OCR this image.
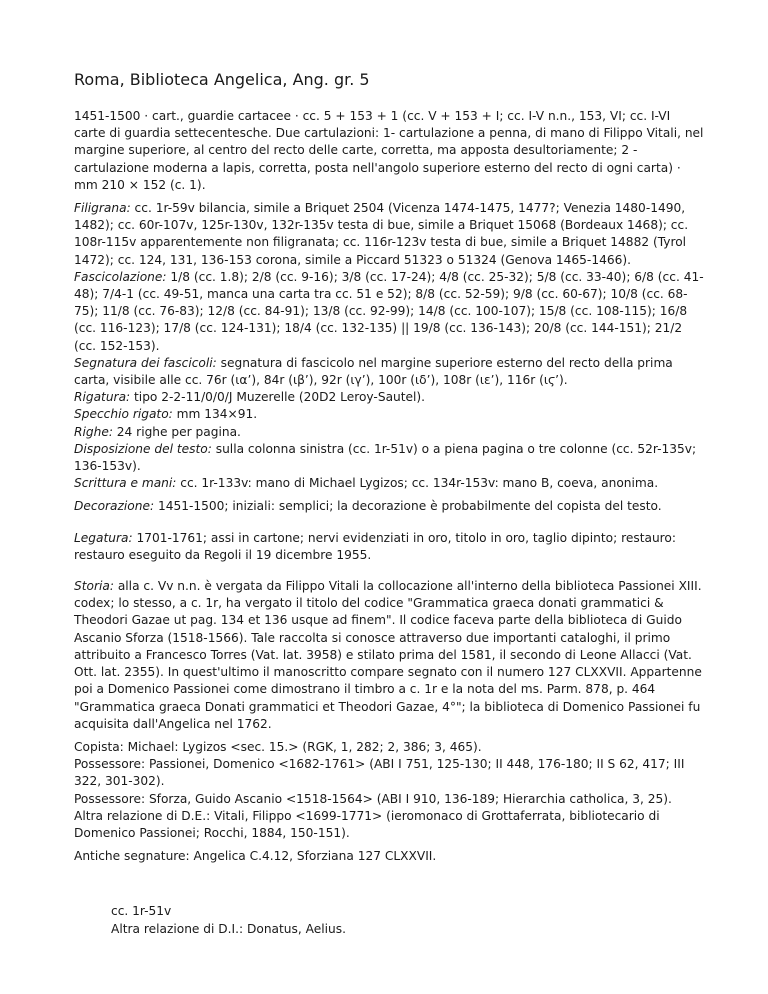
Roma, Biblioteca Angelica, Ang. gr. 5

1451-1500 · cart., guardie cartacee · cc. 5 + 153 + 1 (cc. V + 153 + I; cc. I-V n.n., 153, VI; cc. I-VI carte di guardia settecentesche. Due cartulazioni: 1- cartulazione a penna, di mano di Filippo Vitali, nel margine superiore, al centro del recto delle carte, corretta, ma apposta desultoriamente; 2 - cartulazione moderna a lapis, corretta, posta nell'angolo superiore esterno del recto di ogni carta) · mm 210 × 152 (c. 1).

Filigrana: cc. 1r-59v bilancia, simile a Briquet 2504 (Vicenza 1474-1475, 1477?; Venezia 1480-1490, 1482); cc. 60r-107v, 125r-130v, 132r-135v testa di bue, simile a Briquet 15068 (Bordeaux 1468); cc. 108r-115v apparentemente non filigranata; cc. 116r-123v testa di bue, simile a Briquet 14882 (Tyrol 1472); cc. 124, 131, 136-153 corona, simile a Piccard 51323 o 51324 (Genova 1465-1466).

Fascicolazione: 1/8 (cc. 1.8); 2/8 (cc. 9-16); 3/8 (cc. 17-24); 4/8 (cc. 25-32); 5/8 (cc. 33-40); 6/8 (cc. 41-48); 7/4-1 (cc. 49-51, manca una carta tra cc. 51 e 52); 8/8 (cc. 52-59); 9/8 (cc. 60-67); 10/8 (cc. 68-75); 11/8 (cc. 76-83); 12/8 (cc. 84-91); 13/8 (cc. 92-99); 14/8 (cc. 100-107); 15/8 (cc. 108-115); 16/8 (cc. 116-123); 17/8 (cc. 124-131); 18/4 (cc. 132-135) || 19/8 (cc. 136-143); 20/8 (cc. 144-151); 21/2 (cc. 152-153).

Segnatura dei fascicoli: segnatura di fascicolo nel margine superiore esterno del recto della prima carta, visibile alle cc. 76r (ια’), 84r (ιβ’), 92r (ιγ’), 100r (ιδ’), 108r (ιε’), 116r (ιϛ’).

Rigatura: tipo 2-2-11/0/0/J Muzerelle (20D2 Leroy-Sautel).

Specchio rigato: mm 134×91.

Righe: 24 righe per pagina.

Disposizione del testo: sulla colonna sinistra (cc. 1r-51v) o a piena pagina o tre colonne (cc. 52r-135v; 136-153v).

Scrittura e mani: cc. 1r-133v: mano di Michael Lygizos; cc. 134r-153v: mano B, coeva, anonima.

Decorazione: 1451-1500; iniziali: semplici; la decorazione è probabilmente del copista del testo.

Legatura: 1701-1761; assi in cartone; nervi evidenziati in oro, titolo in oro, taglio dipinto; restauro: restauro eseguito da Regoli il 19 dicembre 1955.

Storia: alla c. Vv n.n. è vergata da Filippo Vitali la collocazione all'interno della biblioteca Passionei XIII. codex; lo stesso, a c. 1r, ha vergato il titolo del codice "Grammatica graeca donati grammatici & Theodori Gazae ut pag. 134 et 136 usque ad finem". Il codice faceva parte della biblioteca di Guido Ascanio Sforza (1518-1566). Tale raccolta si conosce attraverso due importanti cataloghi, il primo attribuito a Francesco Torres (Vat. lat. 3958) e stilato prima del 1581, il secondo di Leone Allacci (Vat. Ott. lat. 2355). In quest'ultimo il manoscritto compare segnato con il numero 127 CLXXVII. Appartenne poi a Domenico Passionei come dimostrano il timbro a c. 1r e la nota del ms. Parm. 878, p. 464 "Grammatica graeca Donati grammatici et Theodori Gazae, 4°"; la biblioteca di Domenico Passionei fu acquisita dall'Angelica nel 1762.

Copista: Michael: Lygizos <sec. 15.> (RGK, 1, 282; 2, 386; 3, 465).

Possessore: Passionei, Domenico <1682-1761> (ABI I 751, 125-130; II 448, 176-180; II S 62, 417; III 322, 301-302).

Possessore: Sforza, Guido Ascanio <1518-1564> (ABI I 910, 136-189; Hierarchia catholica, 3, 25).

Altra relazione di D.E.: Vitali, Filippo <1699-1771> (ieromonaco di Grottaferrata, bibliotecario di Domenico Passionei; Rocchi, 1884, 150-151).

Antiche segnature: Angelica C.4.12, Sforziana 127 CLXXVII.

cc. 1r-51v

Altra relazione di D.I.: Donatus, Aelius.
